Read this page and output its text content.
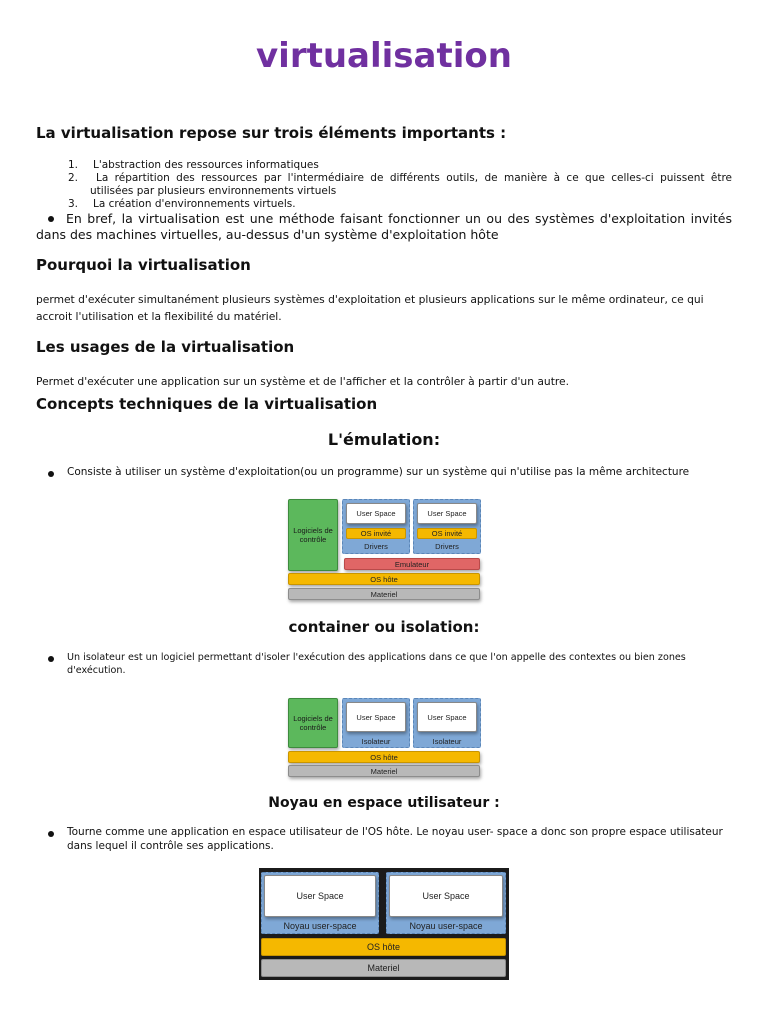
virtualisation
La virtualisation repose sur trois éléments importants :
1. L'abstraction des ressources informatiques
2. La répartition des ressources par l'intermédiaire de différents outils, de manière à ce que celles-ci puissent être
utilisées par plusieurs environnements virtuels
3. La création d'environnements virtuels.
En bref, la virtualisation est une méthode faisant fonctionner un ou des systèmes d'exploitation invités dans des machines virtuelles, au-dessus d'un système d'exploitation hôte
Pourquoi la virtualisation
permet d'exécuter simultanément plusieurs systèmes d'exploitation et plusieurs applications sur le même ordinateur, ce qui accroit l'utilisation et la flexibilité du matériel.
Les usages de la virtualisation
Permet d'exécuter une application sur un système et de l'afficher et la contrôler à partir d'un autre.
Concepts techniques de la virtualisation
L'émulation:
Consiste à utiliser un système d'exploitation(ou un programme) sur un système qui n'utilise pas la même architecture
Logiciels de contrôle
User Space
OS invité
Drivers
User Space
OS invité
Drivers
Emulateur
OS hôte
Materiel
container ou isolation:
Un isolateur est un logiciel permettant d'isoler l'exécution des applications dans ce que l'on appelle des contextes ou bien zones d'exécution.
Logiciels de contrôle
Isolateur
User Space
Isolateur
User Space
OS hôte
Materiel
Noyau en espace utilisateur :
Tourne comme une application en espace utilisateur de l'OS hôte. Le noyau user- space a donc son propre espace utilisateur dans lequel il contrôle ses applications.
User Space
Noyau user-space
User Space
Noyau user-space
OS hôte
Materiel
